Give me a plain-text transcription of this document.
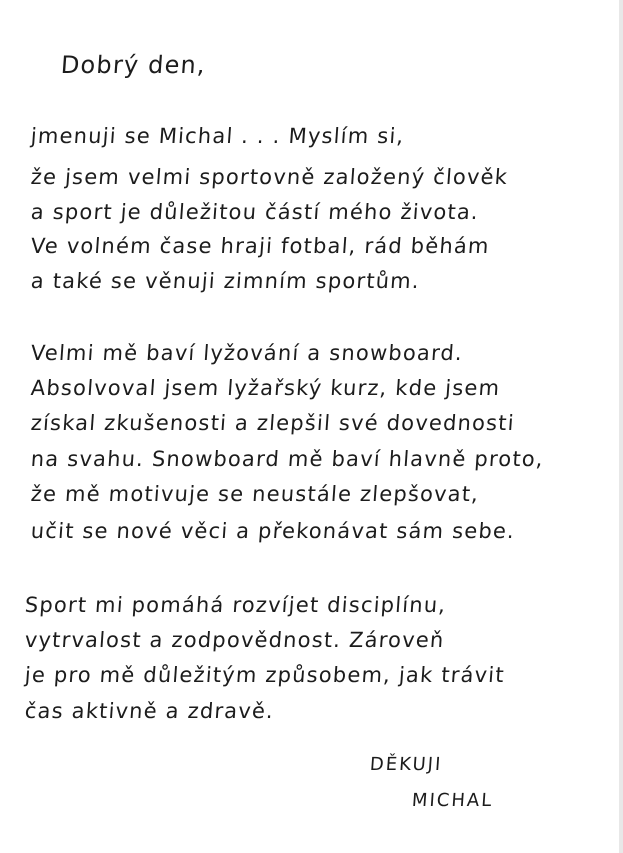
Dobrý den,
jmenuji se Michal . . . Myslím si,
že jsem velmi sportovně založený člověk
a sport je důležitou částí mého života.
Ve volném čase hraji fotbal, rád běhám
a také se věnuji zimním sportům.
Velmi mě baví lyžování a snowboard.
Absolvoval jsem lyžařský kurz, kde jsem
získal zkušenosti a zlepšil své dovednosti
na svahu. Snowboard mě baví hlavně proto,
že mě motivuje se neustále zlepšovat,
učit se nové věci a překonávat sám sebe.
Sport mi pomáhá rozvíjet disciplínu,
vytrvalost a zodpovědnost. Zároveň
je pro mě důležitým způsobem, jak trávit
čas aktivně a zdravě.
DĚKUJI
MICHAL
